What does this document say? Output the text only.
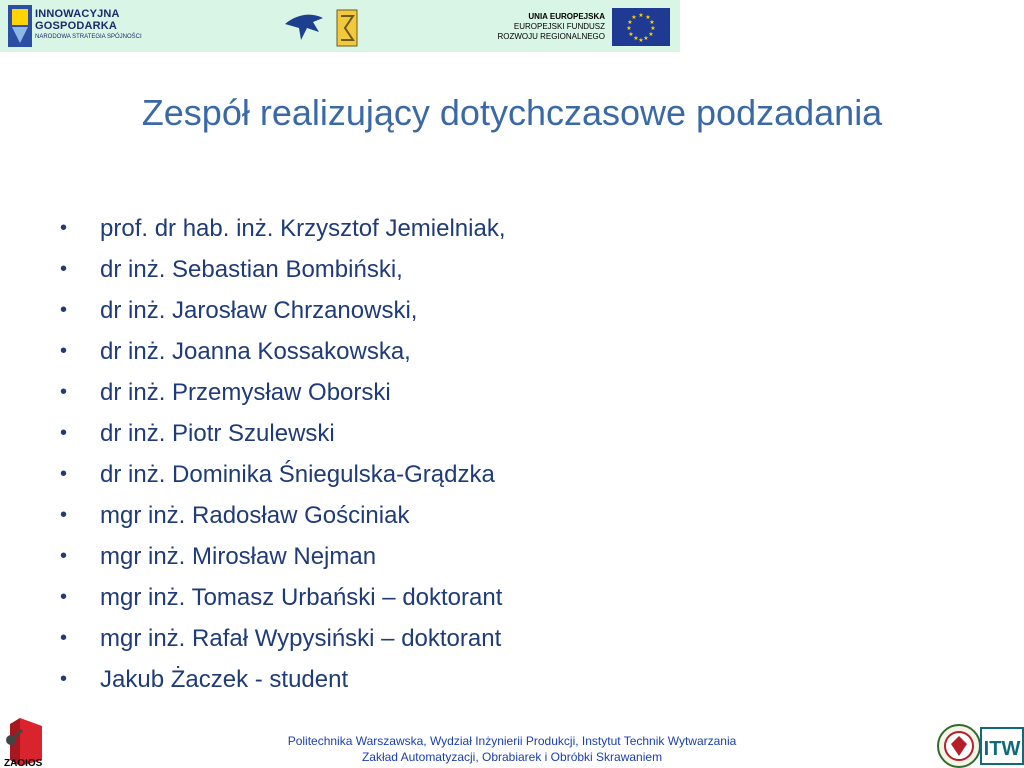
INNOWACYJNA
GOSPODARKA
NARODOWA STRATEGIA SPÓJNOŚCI
UNIA EUROPEJSKA
EUROPEJSKI FUNDUSZ
ROZWOJU REGIONALNEGO
★ ★
★
★
★
★
★
★
★
★
★
★
Zespół realizujący dotychczasowe podzadania
• prof. dr hab. inż. Krzysztof Jemielniak,
• dr inż. Sebastian Bombiński,
• dr inż. Jarosław Chrzanowski,
• dr inż. Joanna Kossakowska,
• dr inż. Przemysław Oborski
• dr inż. Piotr Szulewski
• dr inż. Dominika Śniegulska-Grądzka
• mgr inż. Radosław Gościniak
• mgr inż. Mirosław Nejman
• mgr inż. Tomasz Urbański – doktorant
• mgr inż. Rafał Wypysiński – doktorant
• Jakub Żaczek - student
ZAOIOS
Politechnika Warszawska, Wydział Inżynierii Produkcji, Instytut Technik Wytwarzania
Zakład Automatyzacji, Obrabiarek i Obróbki Skrawaniem	ITW
